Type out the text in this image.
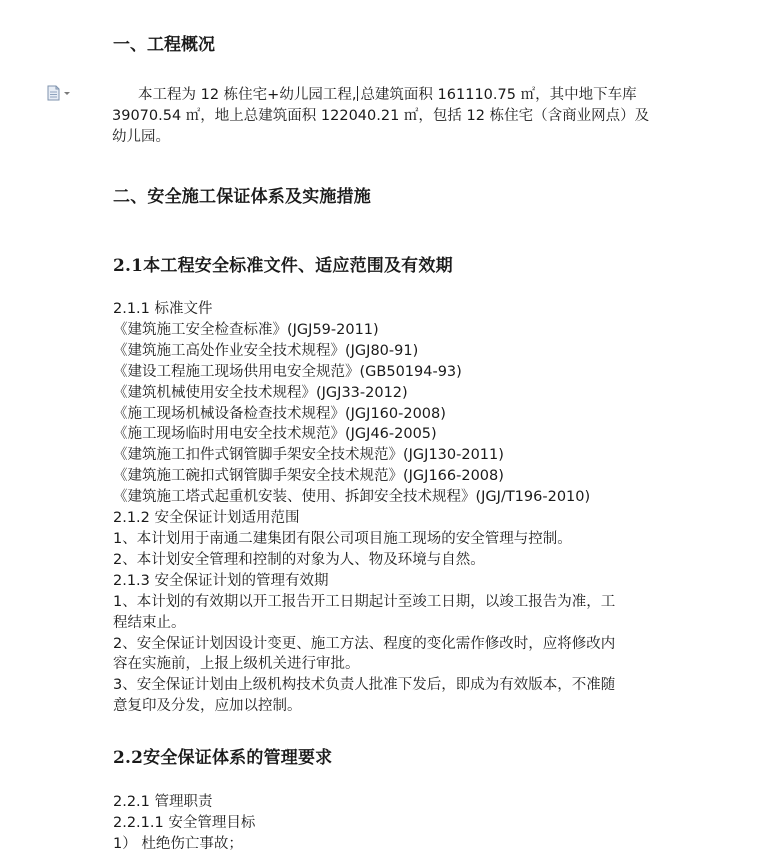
一、工程概况

本工程为 12 栋住宅+幼儿园工程, 总建筑面积 161110.75 ㎡，其中地下车库
39070.54 ㎡，地上总建筑面积 122040.21 ㎡，包括 12 栋住宅（含商业网点）及
幼儿园。

二、安全施工保证体系及实施措施
2.1本工程安全标准文件、适应范围及有效期
2.1.1 标准文件
《建筑施工安全检查标准》(JGJ59-2011)
《建筑施工高处作业安全技术规程》(JGJ80-91)
《建设工程施工现场供用电安全规范》(GB50194-93)
《建筑机械使用安全技术规程》(JGJ33-2012)
《施工现场机械设备检查技术规程》(JGJ160-2008)
《施工现场临时用电安全技术规范》(JGJ46-2005)
《建筑施工扣件式钢管脚手架安全技术规范》(JGJ130-2011)
《建筑施工碗扣式钢管脚手架安全技术规范》(JGJ166-2008)
《建筑施工塔式起重机安装、使用、拆卸安全技术规程》(JGJ/T196-2010)
2.1.2 安全保证计划适用范围
1、本计划用于南通二建集团有限公司项目施工现场的安全管理与控制。
2、本计划安全管理和控制的对象为人、物及环境与自然。
2.1.3 安全保证计划的管理有效期
1、本计划的有效期以开工报告开工日期起计至竣工日期，以竣工报告为准，工
程结束止。
2、安全保证计划因设计变更、施工方法、程度的变化需作修改时，应将修改内
容在实施前，上报上级机关进行审批。
3、安全保证计划由上级机构技术负责人批准下发后，即成为有效版本，不准随
意复印及分发，应加以控制。
2.2安全保证体系的管理要求
2.2.1 管理职责
2.2.1.1 安全管理目标
1） 杜绝伤亡事故；
